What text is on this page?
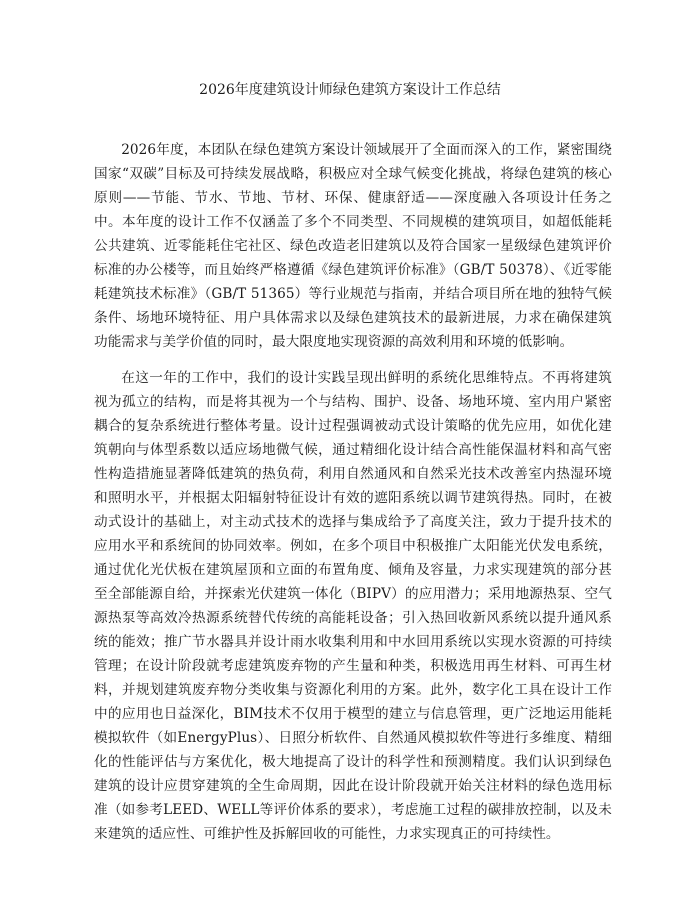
2026年度建筑设计师绿色建筑方案设计工作总结

2026年度，本团队在绿色建筑方案设计领域展开了全面而深入的工作，紧密围绕国家“双碳”目标及可持续发展战略，积极应对全球气候变化挑战，将绿色建筑的核心原则——节能、节水、节地、节材、环保、健康舒适——深度融入各项设计任务之中。本年度的设计工作不仅涵盖了多个不同类型、不同规模的建筑项目，如超低能耗公共建筑、近零能耗住宅社区、绿色改造老旧建筑以及符合国家一星级绿色建筑评价标准的办公楼等，而且始终严格遵循《绿色建筑评价标准》（GB/T 50378）、《近零能耗建筑技术标准》（GB/T 51365）等行业规范与指南，并结合项目所在地的独特气候条件、场地环境特征、用户具体需求以及绿色建筑技术的最新进展，力求在确保建筑功能需求与美学价值的同时，最大限度地实现资源的高效利用和环境的低影响。

在这一年的工作中，我们的设计实践呈现出鲜明的系统化思维特点。不再将建筑视为孤立的结构，而是将其视为一个与结构、围护、设备、场地环境、室内用户紧密耦合的复杂系统进行整体考量。设计过程强调被动式设计策略的优先应用，如优化建筑朝向与体型系数以适应场地微气候，通过精细化设计结合高性能保温材料和高气密性构造措施显著降低建筑的热负荷，利用自然通风和自然采光技术改善室内热湿环境和照明水平，并根据太阳辐射特征设计有效的遮阳系统以调节建筑得热。同时，在被动式设计的基础上，对主动式技术的选择与集成给予了高度关注，致力于提升技术的应用水平和系统间的协同效率。例如，在多个项目中积极推广太阳能光伏发电系统，通过优化光伏板在建筑屋顶和立面的布置角度、倾角及容量，力求实现建筑的部分甚至全部能源自给，并探索光伏建筑一体化（BIPV）的应用潜力；采用地源热泵、空气源热泵等高效冷热源系统替代传统的高能耗设备；引入热回收新风系统以提升通风系统的能效；推广节水器具并设计雨水收集利用和中水回用系统以实现水资源的可持续管理；在设计阶段就考虑建筑废弃物的产生量和种类，积极选用再生材料、可再生材料，并规划建筑废弃物分类收集与资源化利用的方案。此外，数字化工具在设计工作中的应用也日益深化，BIM技术不仅用于模型的建立与信息管理，更广泛地运用能耗模拟软件（如EnergyPlus）、日照分析软件、自然通风模拟软件等进行多维度、精细化的性能评估与方案优化，极大地提高了设计的科学性和预测精度。我们认识到绿色建筑的设计应贯穿建筑的全生命周期，因此在设计阶段就开始关注材料的绿色选用标准（如参考LEED、WELL等评价体系的要求），考虑施工过程的碳排放控制，以及未来建筑的适应性、可维护性及拆解回收的可能性，力求实现真正的可持续性。
